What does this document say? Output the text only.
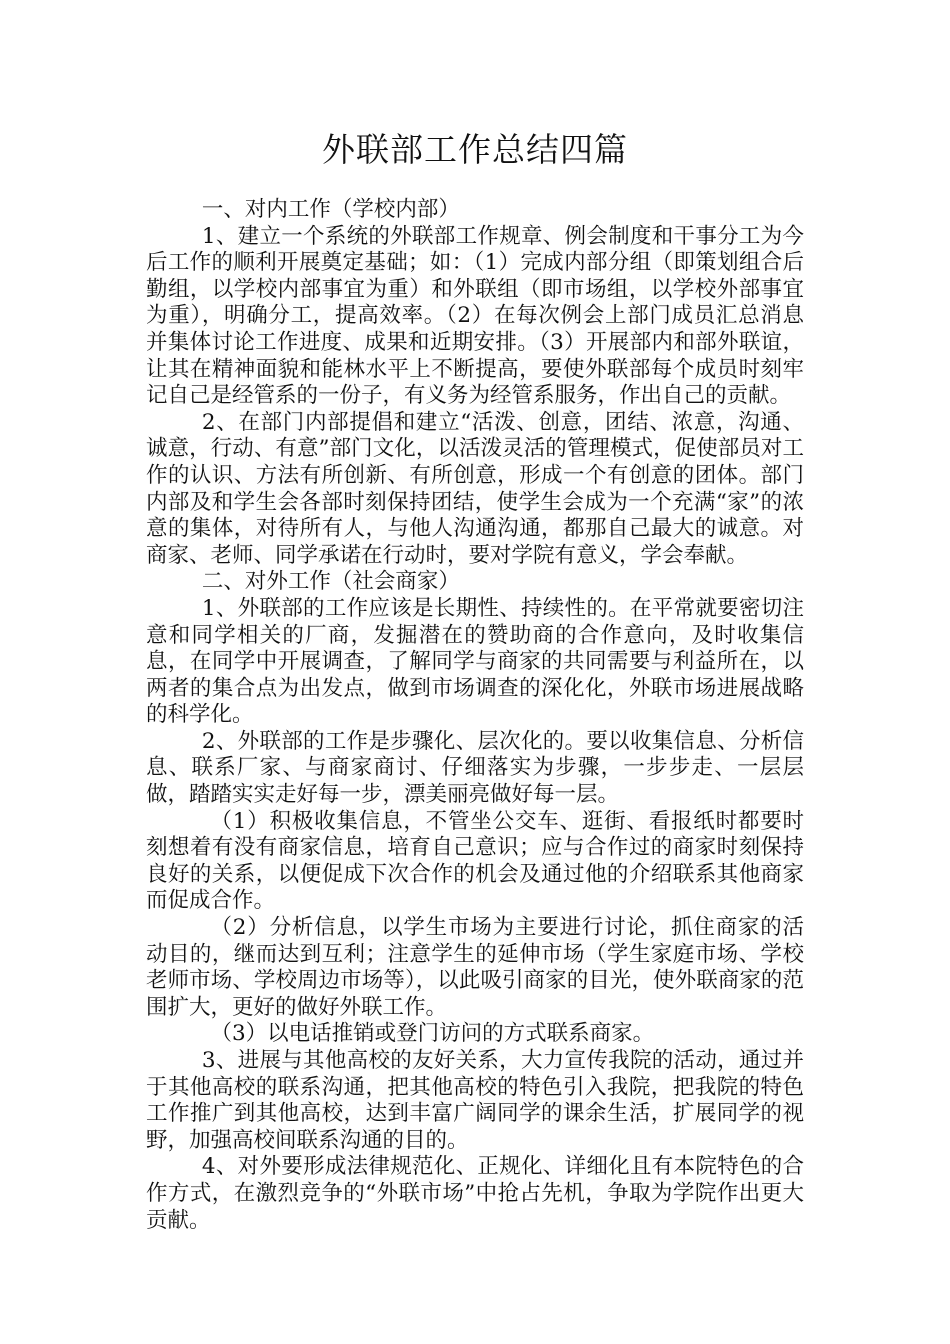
外联部工作总结四篇

一、对内工作（学校内部）

1、建立一个系统的外联部工作规章、例会制度和干事分工为今后工作的顺利开展奠定基础；如：（1）完成内部分组（即策划组合后勤组，以学校内部事宜为重）和外联组（即市场组，以学校外部事宜为重），明确分工，提高效率。（2）在每次例会上部门成员汇总消息并集体讨论工作进度、成果和近期安排。（3）开展部内和部外联谊，让其在精神面貌和能林水平上不断提高，要使外联部每个成员时刻牢记自己是经管系的一份子，有义务为经管系服务，作出自己的贡献。

2、在部门内部提倡和建立“活泼、创意，团结、浓意，沟通、诚意，行动、有意”部门文化，以活泼灵活的管理模式，促使部员对工作的认识、方法有所创新、有所创意，形成一个有创意的团体。部门内部及和学生会各部时刻保持团结，使学生会成为一个充满“家”的浓意的集体，对待所有人，与他人沟通沟通，都那自己最大的诚意。对商家、老师、同学承诺在行动时，要对学院有意义，学会奉献。

二、对外工作（社会商家）

1、外联部的工作应该是长期性、持续性的。在平常就要密切注意和同学相关的厂商，发掘潜在的赞助商的合作意向，及时收集信息，在同学中开展调查，了解同学与商家的共同需要与利益所在，以两者的集合点为出发点，做到市场调查的深化化，外联市场进展战略的科学化。

2、外联部的工作是步骤化、层次化的。要以收集信息、分析信息、联系厂家、与商家商讨、仔细落实为步骤，一步步走、一层层做，踏踏实实走好每一步，漂美丽亮做好每一层。

（1）积极收集信息，不管坐公交车、逛街、看报纸时都要时刻想着有没有商家信息，培育自己意识；应与合作过的商家时刻保持良好的关系，以便促成下次合作的机会及通过他的介绍联系其他商家而促成合作。

（2）分析信息，以学生市场为主要进行讨论，抓住商家的活动目的，继而达到互利；注意学生的延伸市场（学生家庭市场、学校老师市场、学校周边市场等），以此吸引商家的目光，使外联商家的范围扩大，更好的做好外联工作。

（3）以电话推销或登门访问的方式联系商家。

3、进展与其他高校的友好关系，大力宣传我院的活动，通过并于其他高校的联系沟通，把其他高校的特色引入我院，把我院的特色工作推广到其他高校，达到丰富广阔同学的课余生活，扩展同学的视野，加强高校间联系沟通的目的。

4、对外要形成法律规范化、正规化、详细化且有本院特色的合作方式，在激烈竞争的“外联市场”中抢占先机，争取为学院作出更大贡献。
